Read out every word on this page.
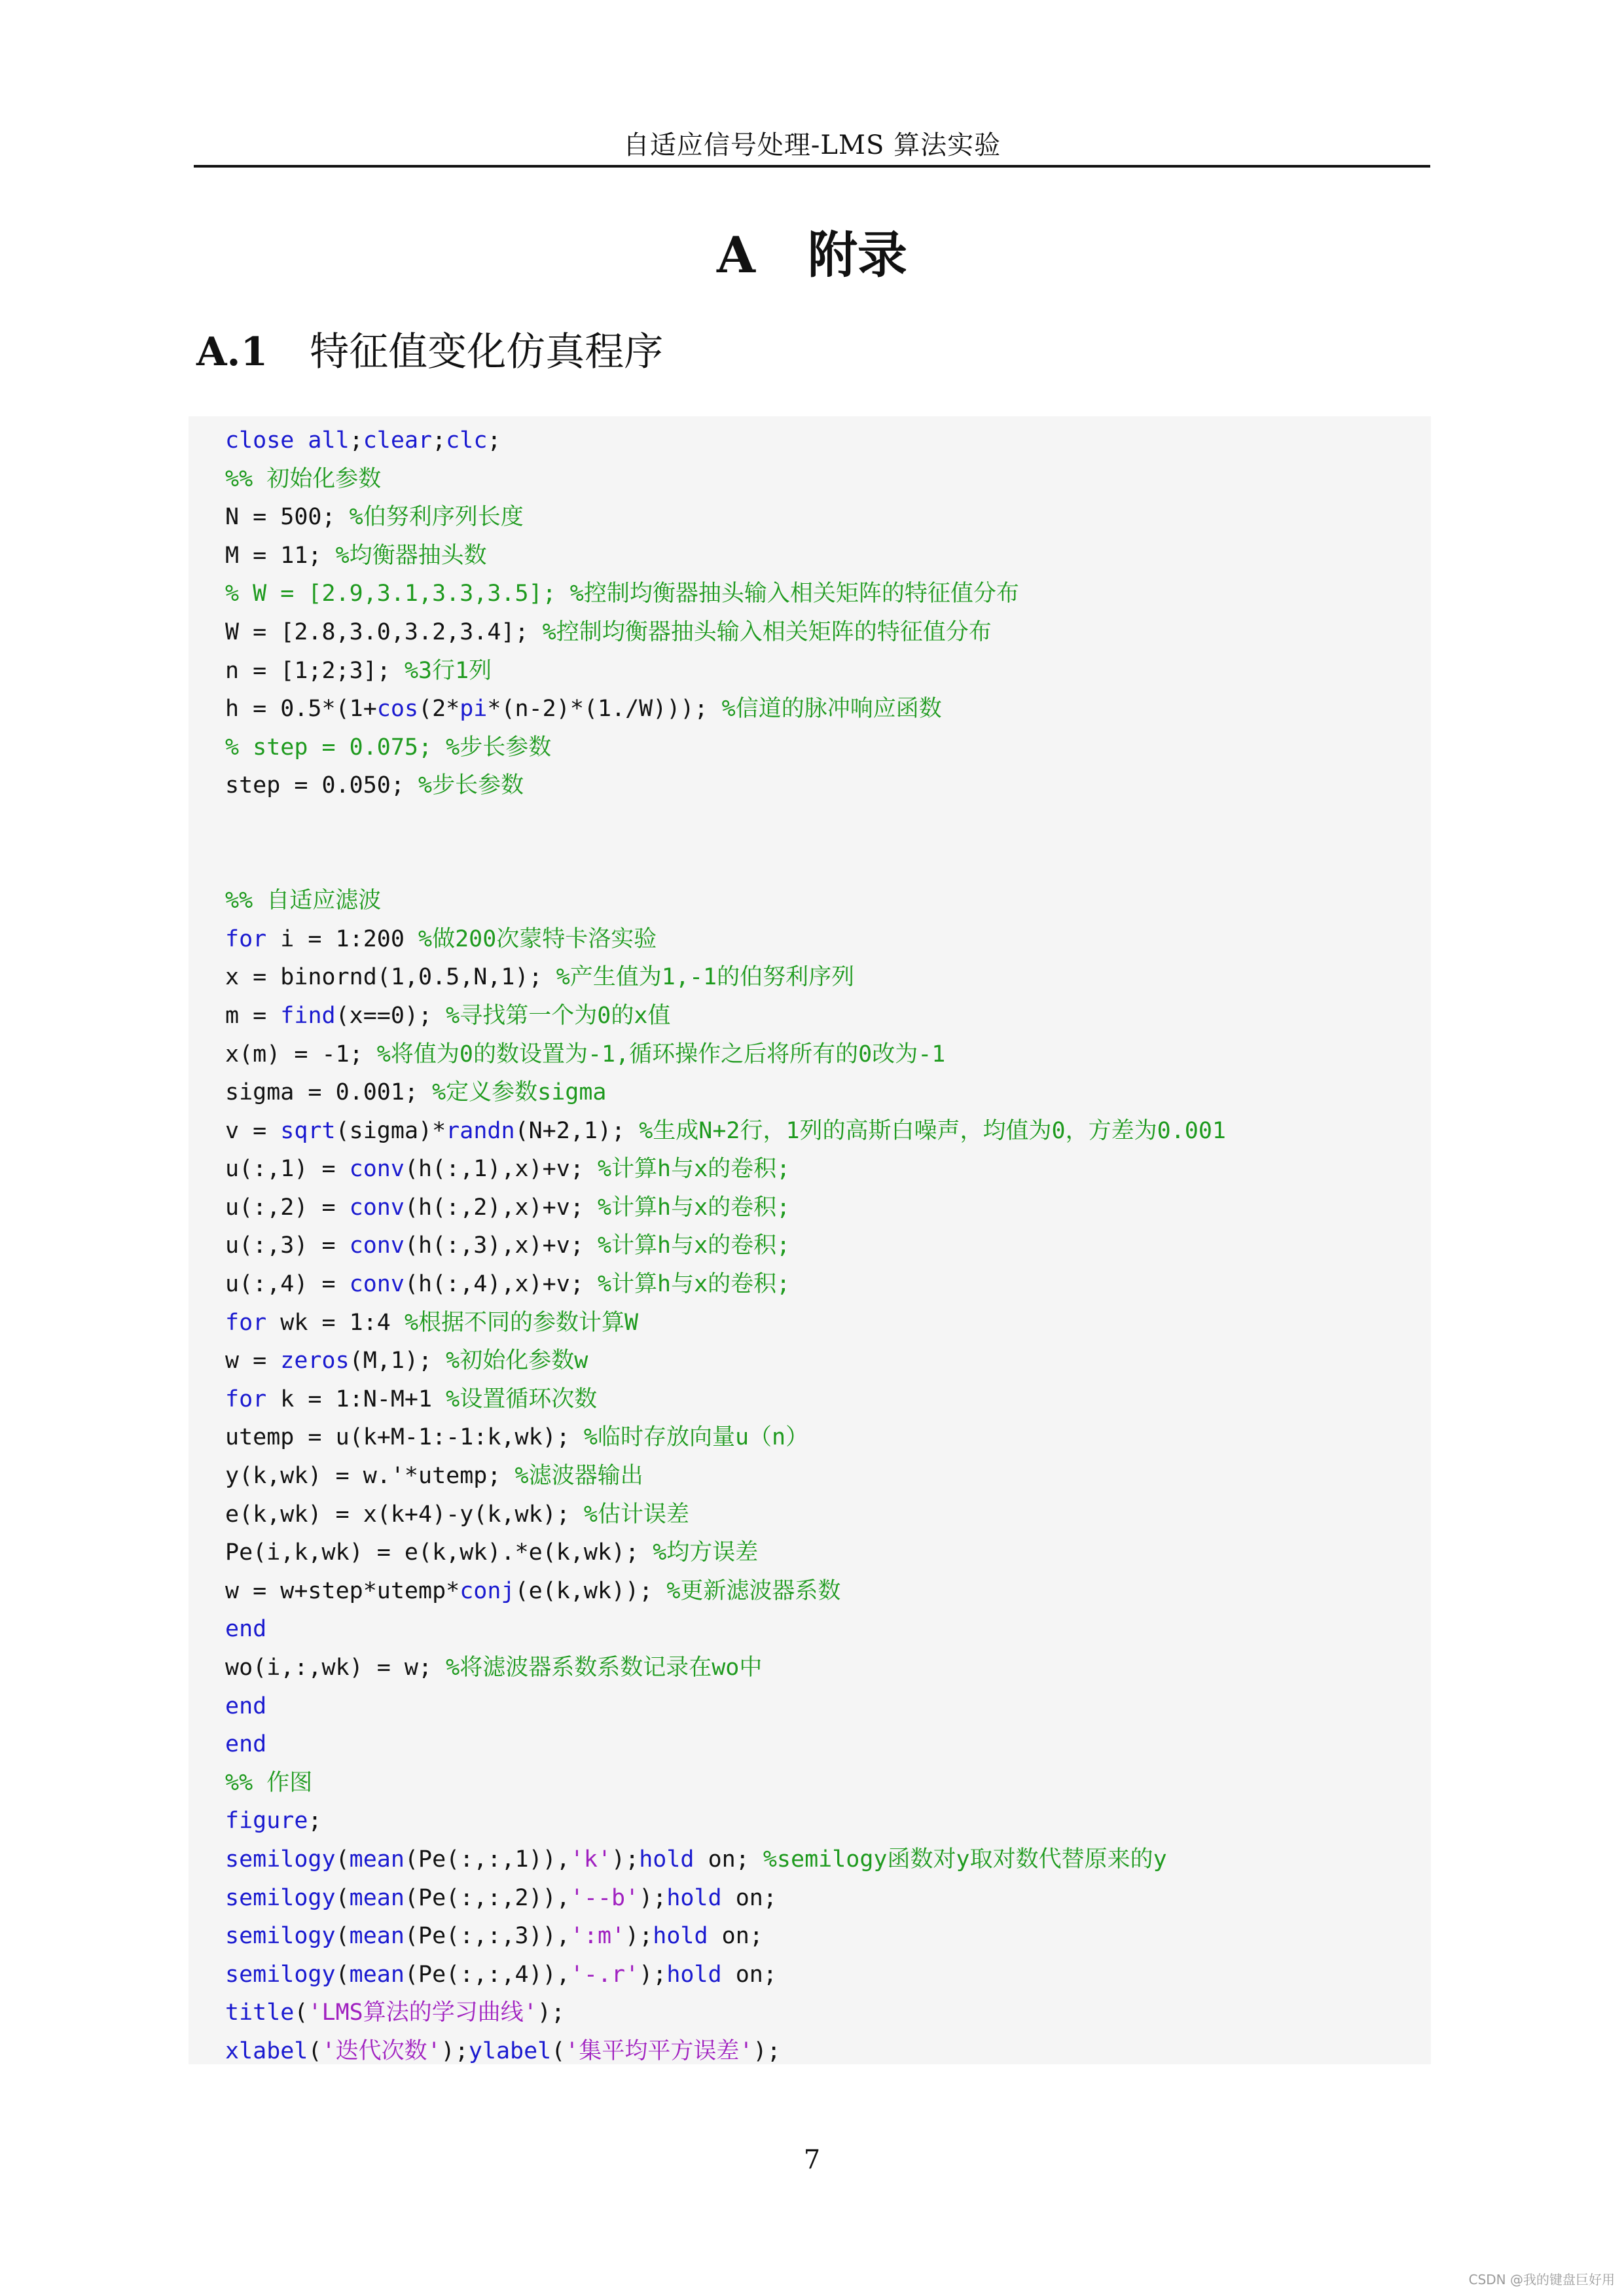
自适应信号处理-LMS 算法实验
A 附录
A.1 特征值变化仿真程序
close all;clear;clc;
%% 初始化参数
N = 500; %伯努利序列长度
M = 11; %均衡器抽头数
% W = [2.9,3.1,3.3,3.5]; %控制均衡器抽头输入相关矩阵的特征值分布
W = [2.8,3.0,3.2,3.4]; %控制均衡器抽头输入相关矩阵的特征值分布
n = [1;2;3]; %3行1列
h = 0.5*(1+cos(2*pi*(n-2)*(1./W))); %信道的脉冲响应函数
% step = 0.075; %步长参数
step = 0.050; %步长参数
%% 自适应滤波
for i = 1:200 %做200次蒙特卡洛实验
x = binornd(1,0.5,N,1); %产生值为1,-1的伯努利序列
m = find(x==0); %寻找第一个为0的x值
x(m) = -1; %将值为0的数设置为-1,循环操作之后将所有的0改为-1
sigma = 0.001; %定义参数sigma
v = sqrt(sigma)*randn(N+2,1); %生成N+2行，1列的高斯白噪声，均值为0，方差为0.001
u(:,1) = conv(h(:,1),x)+v; %计算h与x的卷积;
u(:,2) = conv(h(:,2),x)+v; %计算h与x的卷积;
u(:,3) = conv(h(:,3),x)+v; %计算h与x的卷积;
u(:,4) = conv(h(:,4),x)+v; %计算h与x的卷积;
for wk = 1:4 %根据不同的参数计算W
w = zeros(M,1); %初始化参数w
for k = 1:N-M+1 %设置循环次数
utemp = u(k+M-1:-1:k,wk); %临时存放向量u（n）
y(k,wk) = w.'*utemp; %滤波器输出
e(k,wk) = x(k+4)-y(k,wk); %估计误差
Pe(i,k,wk) = e(k,wk).*e(k,wk); %均方误差
w = w+step*utemp*conj(e(k,wk)); %更新滤波器系数
end
wo(i,:,wk) = w; %将滤波器系数系数记录在wo中
end
end
%% 作图
figure;
semilogy(mean(Pe(:,:,1)),'k');hold on; %semilogy函数对y取对数代替原来的y
semilogy(mean(Pe(:,:,2)),'--b');hold on;
semilogy(mean(Pe(:,:,3)),':m');hold on;
semilogy(mean(Pe(:,:,4)),'-.r');hold on;
title('LMS算法的学习曲线');
xlabel('迭代次数');ylabel('集平均平方误差');
7
CSDN @我的键盘巨好用
